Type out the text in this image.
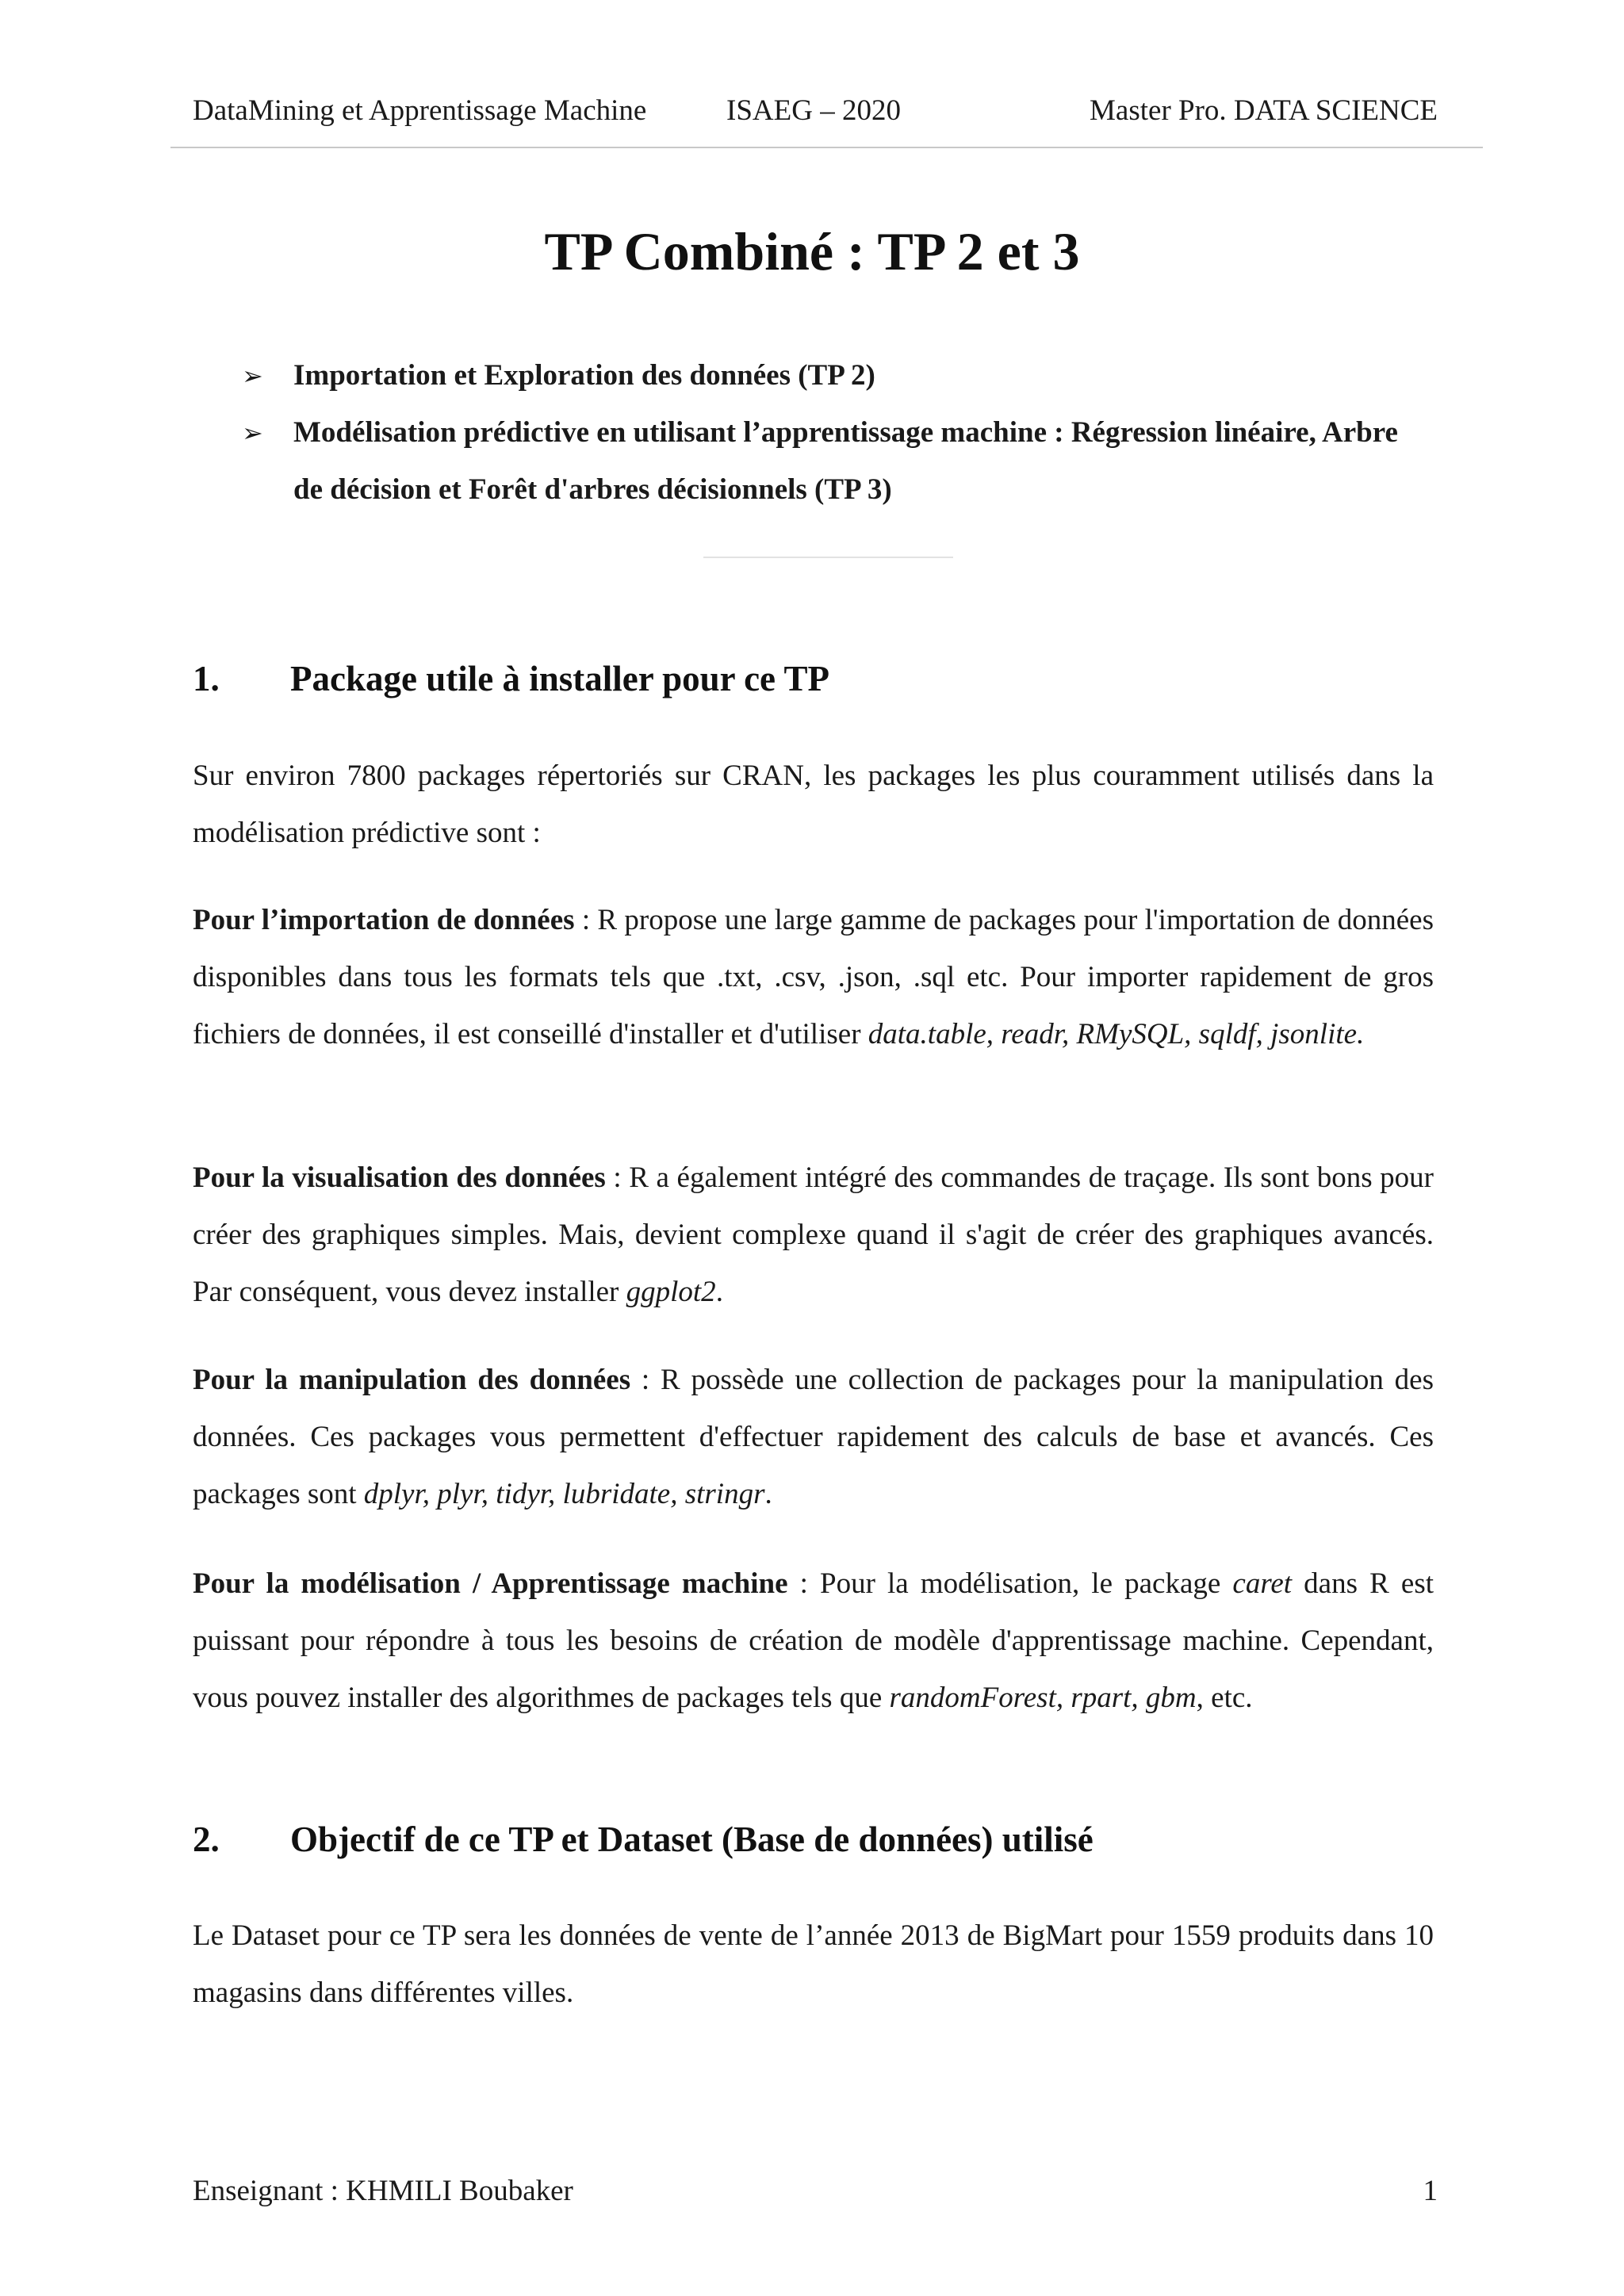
DataMining et Apprentissage Machine	ISAEG – 2020	Master Pro. DATA SCIENCE
TP Combiné : TP 2 et 3
➢ Importation et Exploration des données (TP 2)
➢ Modélisation prédictive en utilisant l’apprentissage machine : Régression linéaire, Arbre de décision et Forêt d'arbres décisionnels (TP 3)
1. Package utile à installer pour ce TP

Sur environ 7800 packages répertoriés sur CRAN, les packages les plus couramment utilisés dans la modélisation prédictive sont :

Pour l’importation de données : R propose une large gamme de packages pour l'importation de données disponibles dans tous les formats tels que .txt, .csv, .json, .sql etc. Pour importer rapidement de gros fichiers de données, il est conseillé d'installer et d'utiliser data.table, readr, RMySQL, sqldf, jsonlite.

Pour la visualisation des données : R a également intégré des commandes de traçage. Ils sont bons pour créer des graphiques simples. Mais, devient complexe quand il s'agit de créer des graphiques avancés. Par conséquent, vous devez installer ggplot2.

Pour la manipulation des données : R possède une collection de packages pour la manipulation des données. Ces packages vous permettent d'effectuer rapidement des calculs de base et avancés. Ces packages sont dplyr, plyr, tidyr, lubridate, stringr.

Pour la modélisation / Apprentissage machine : Pour la modélisation, le package caret dans R est puissant pour répondre à tous les besoins de création de modèle d'apprentissage machine. Cependant, vous pouvez installer des algorithmes de packages tels que randomForest, rpart, gbm, etc.

2. Objectif de ce TP et Dataset (Base de données) utilisé

Le Dataset pour ce TP sera les données de vente de l’année 2013 de BigMart pour 1559 produits dans 10 magasins dans différentes villes.

Enseignant : KHMILI Boubaker	1
